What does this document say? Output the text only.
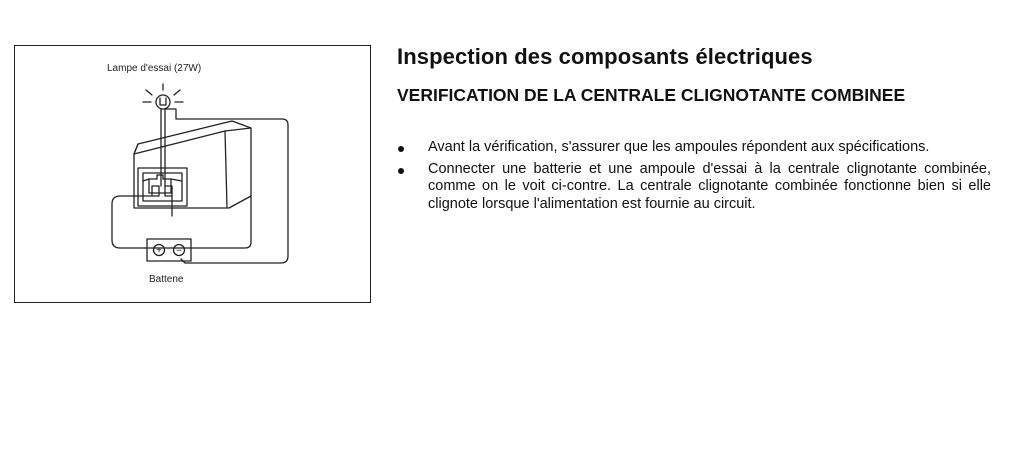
+ −
Lampe d'essai (27W)
Battene
Inspection des composants électriques
VERIFICATION DE LA CENTRALE CLIGNOTANTE COMBINEE
Avant la vérification, s'assurer que les ampoules répondent aux spécifications.
Connecter une batterie et une ampoule d'essai à la centrale clignotante combinée, comme on le voit ci-contre. La centrale clignotante combinée fonctionne bien si elle clignote lorsque l'alimentation est fournie au circuit.
